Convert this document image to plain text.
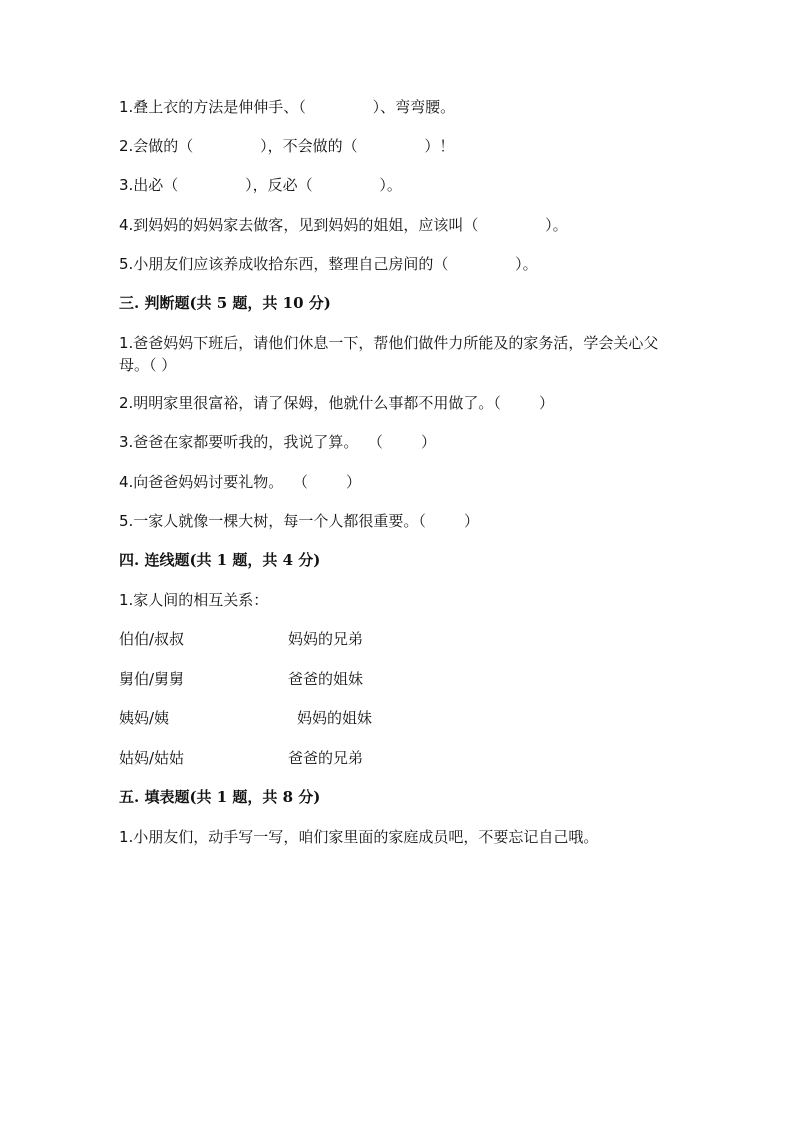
1.叠上衣的方法是伸伸手、（              ）、弯弯腰。
2.会做的（              ），不会做的（              ）！
3.出必（              ），反必（              ）。
4.到妈妈的妈妈家去做客，见到妈妈的姐姐，应该叫（              ）。
5.小朋友们应该养成收拾东西，整理自己房间的（              ）。
三. 判断题(共 5 题，共 10 分)
1.爸爸妈妈下班后，请他们休息一下，帮他们做件力所能及的家务活，学会关心父母。（ ）
2.明明家里很富裕，请了保姆，他就什么事都不用做了。（        ）
3.爸爸在家都要听我的，我说了算。  （        ）
4.向爸爸妈妈讨要礼物。  （        ）
5.一家人就像一棵大树，每一个人都很重要。（        ）
四. 连线题(共 1 题，共 4 分)
1.家人间的相互关系：
伯伯/叔叔	妈妈的兄弟
舅伯/舅舅	爸爸的姐妹
姨妈/姨	妈妈的姐妹
姑妈/姑姑	爸爸的兄弟
五. 填表题(共 1 题，共 8 分)
1.小朋友们，动手写一写，咱们家里面的家庭成员吧，不要忘记自己哦。
